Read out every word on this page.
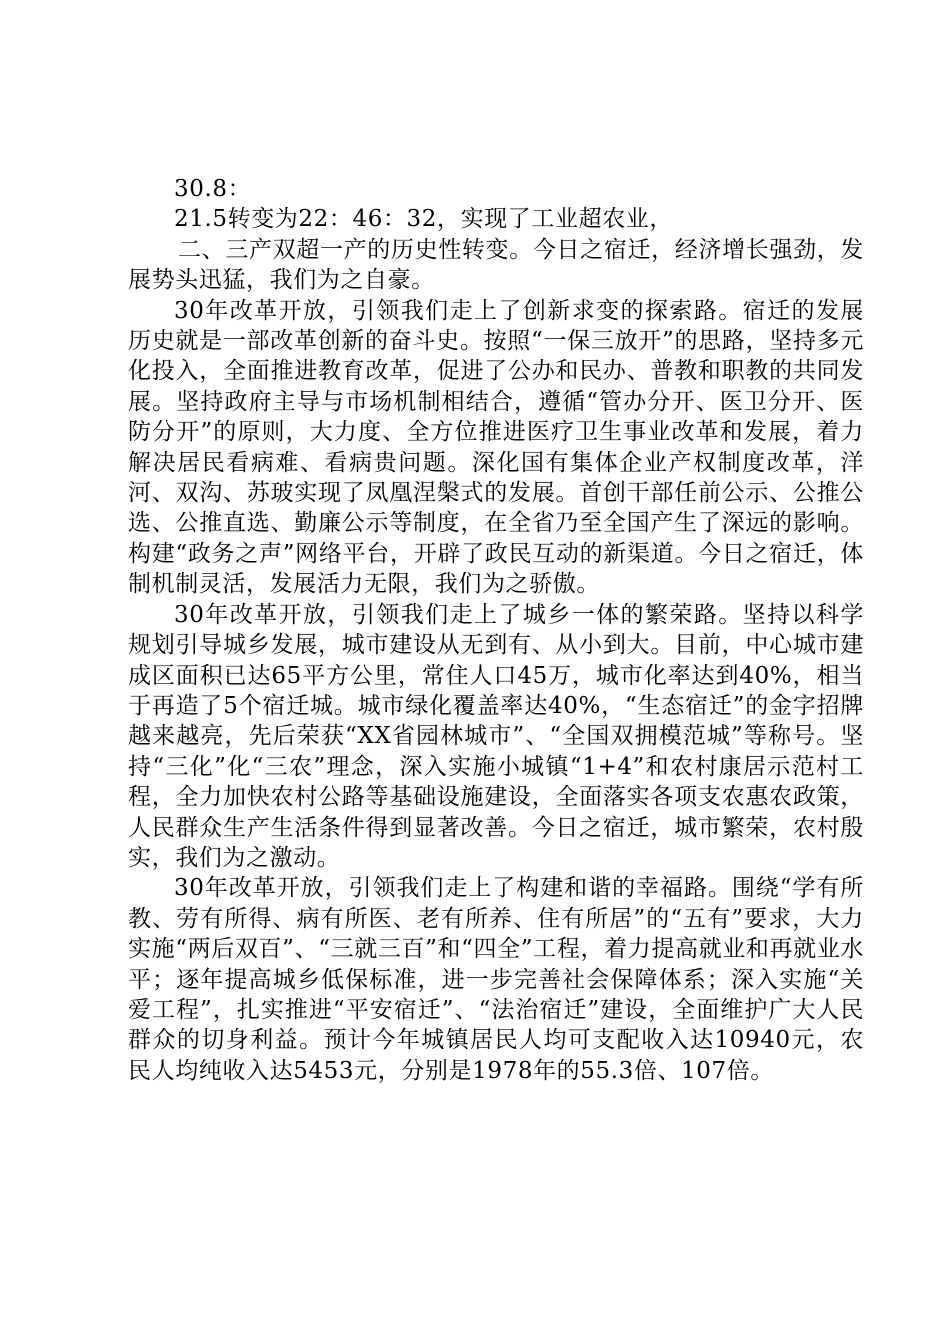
30.8：

21.5转变为22：46：32，实现了工业超农业，

二、三产双超一产的历史性转变。今日之宿迁，经济增长强劲，发展势头迅猛，我们为之自豪。

30年改革开放，引领我们走上了创新求变的探索路。宿迁的发展历史就是一部改革创新的奋斗史。按照“一保三放开”的思路，坚持多元化投入，全面推进教育改革，促进了公办和民办、普教和职教的共同发展。坚持政府主导与市场机制相结合，遵循“管办分开、医卫分开、医防分开”的原则，大力度、全方位推进医疗卫生事业改革和发展，着力解决居民看病难、看病贵问题。深化国有集体企业产权制度改革，洋河、双沟、苏玻实现了凤凰涅槃式的发展。首创干部任前公示、公推公选、公推直选、勤廉公示等制度，在全省乃至全国产生了深远的影响。构建“政务之声”网络平台，开辟了政民互动的新渠道。今日之宿迁，体制机制灵活，发展活力无限，我们为之骄傲。

30年改革开放，引领我们走上了城乡一体的繁荣路。坚持以科学规划引导城乡发展，城市建设从无到有、从小到大。目前，中心城市建成区面积已达65平方公里，常住人口45万，城市化率达到40%，相当于再造了5个宿迁城。城市绿化覆盖率达40%，“生态宿迁”的金字招牌越来越亮，先后荣获“XX省园林城市”、“全国双拥模范城”等称号。坚持“三化”化“三农”理念，深入实施小城镇“1+4”和农村康居示范村工程，全力加快农村公路等基础设施建设，全面落实各项支农惠农政策，人民群众生产生活条件得到显著改善。今日之宿迁，城市繁荣，农村殷实，我们为之激动。

30年改革开放，引领我们走上了构建和谐的幸福路。围绕“学有所教、劳有所得、病有所医、老有所养、住有所居”的“五有”要求，大力实施“两后双百”、“三就三百”和“四全”工程，着力提高就业和再就业水平；逐年提高城乡低保标准，进一步完善社会保障体系；深入实施“关爱工程”，扎实推进“平安宿迁”、“法治宿迁”建设，全面维护广大人民群众的切身利益。预计今年城镇居民人均可支配收入达10940元，农民人均纯收入达5453元，分别是1978年的55.3倍、107倍。
